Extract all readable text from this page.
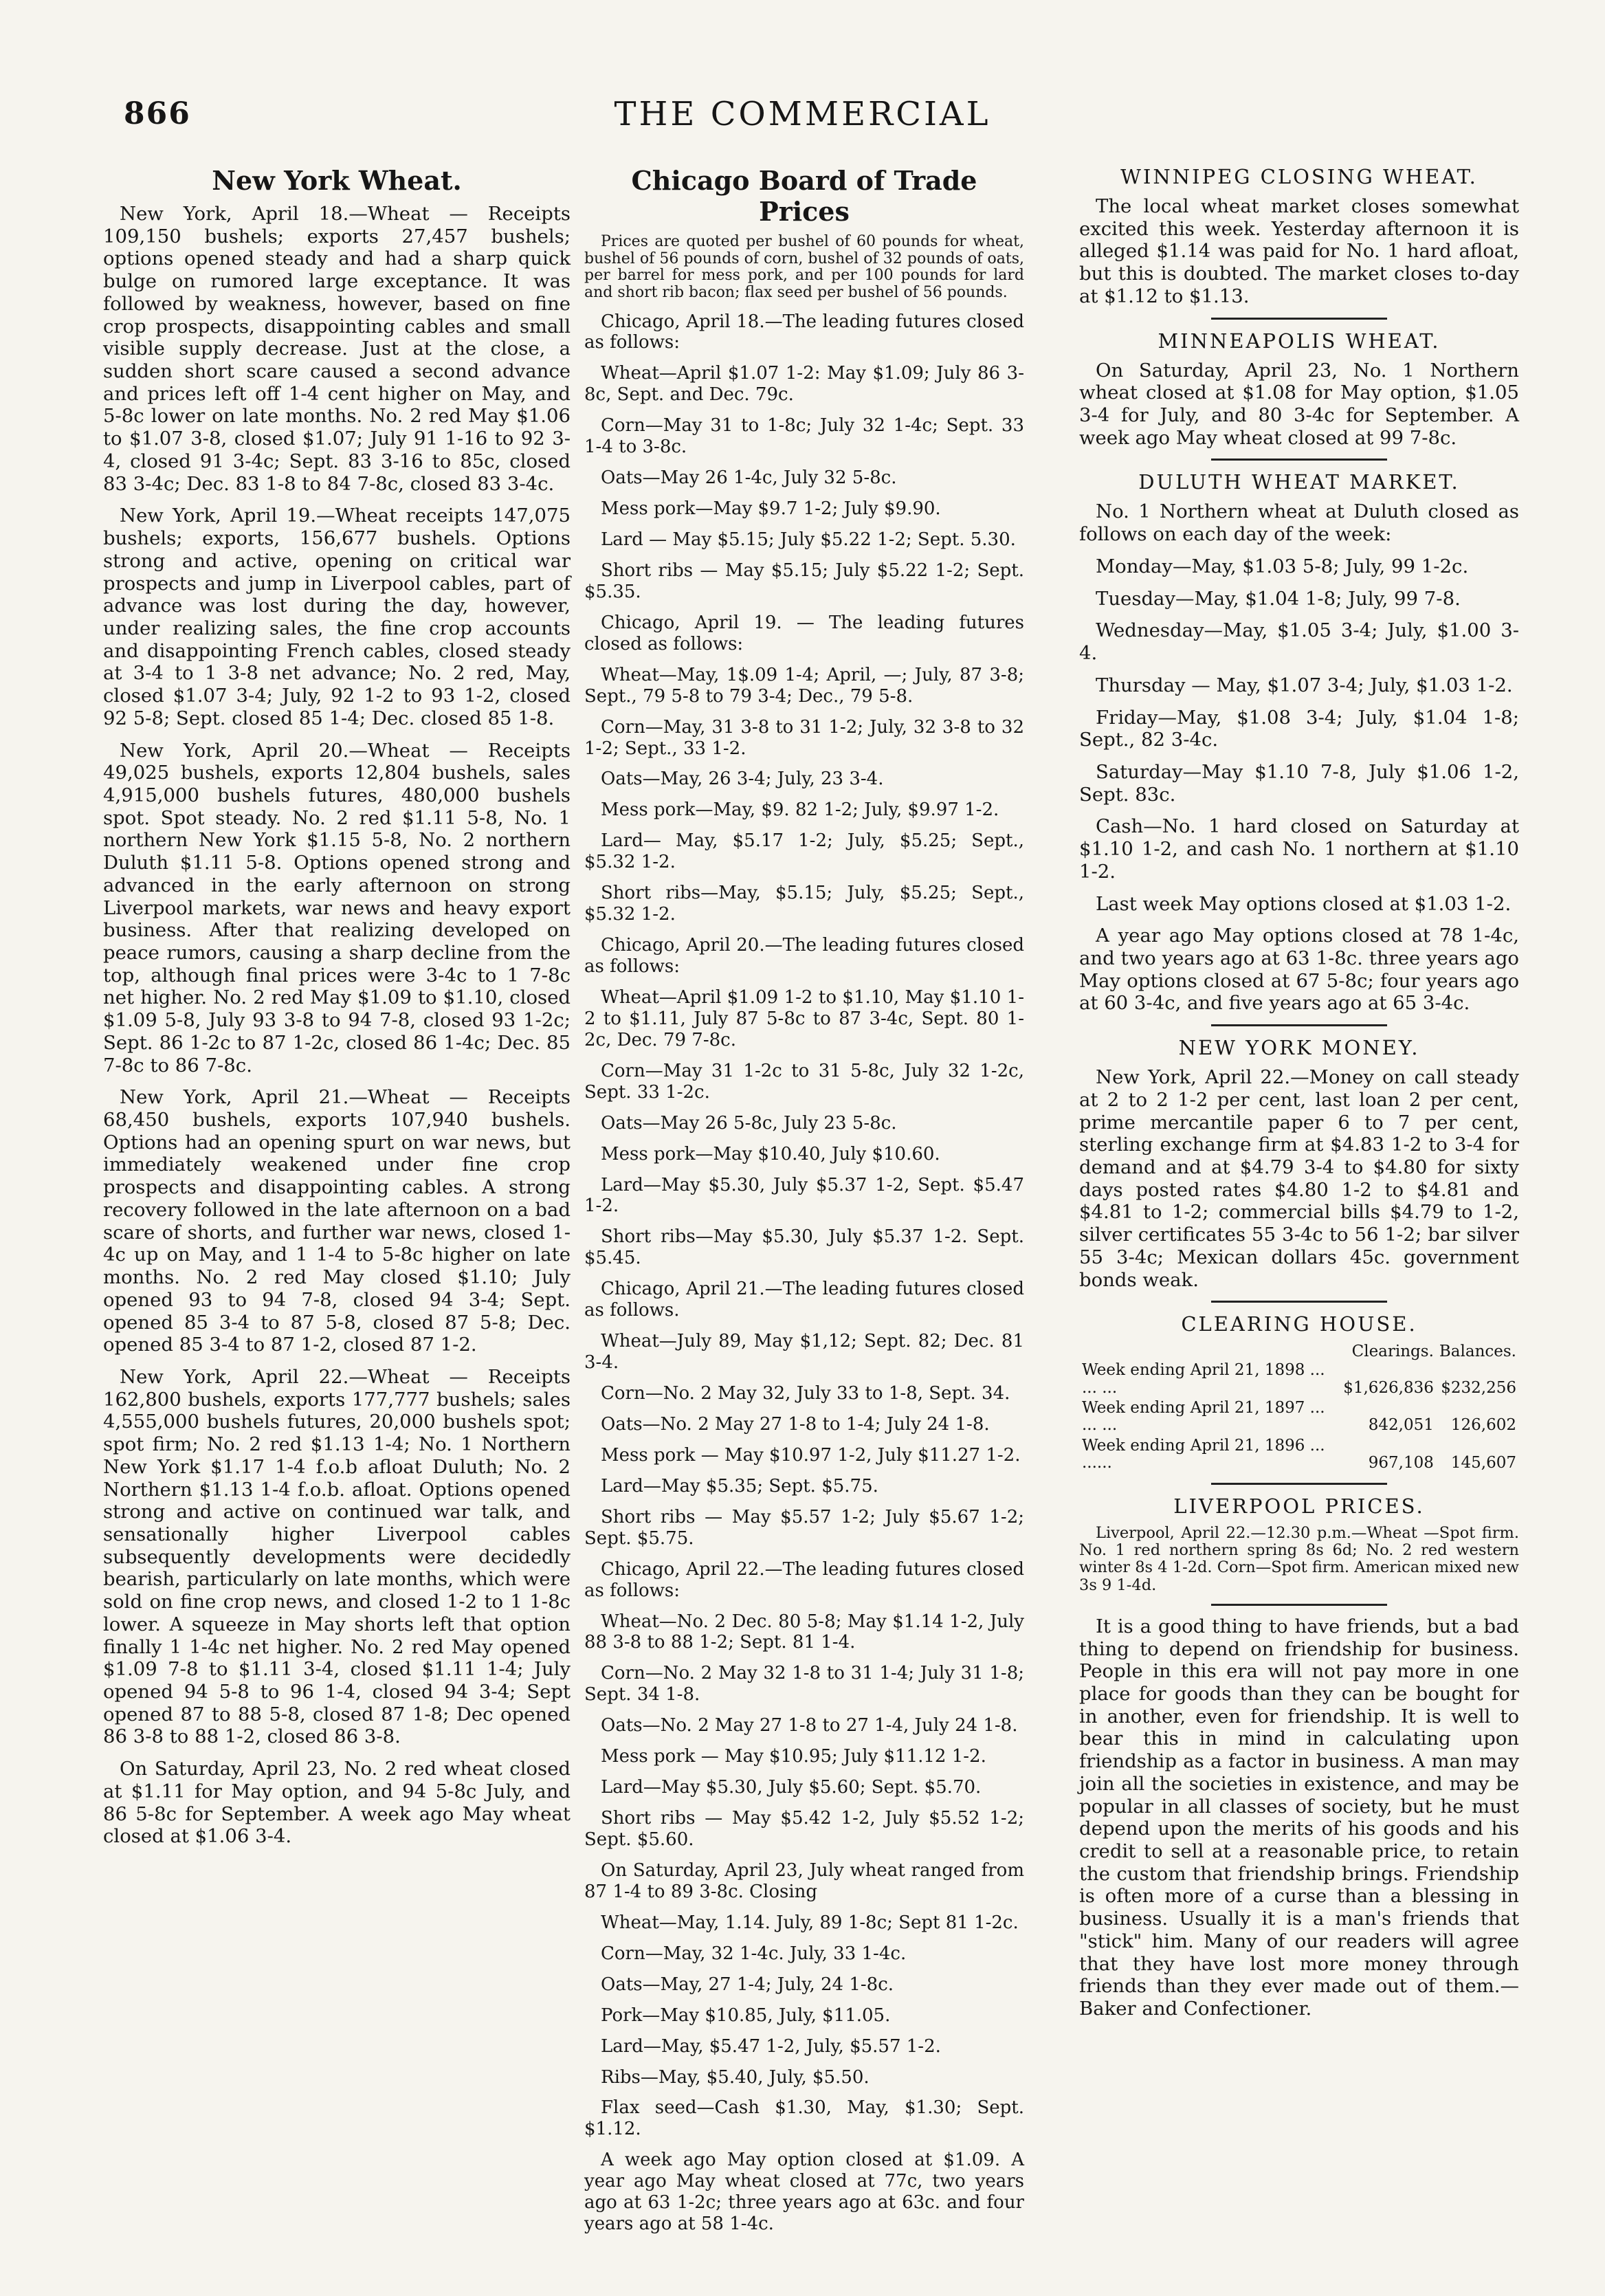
866	THE COMMERCIAL
New York Wheat.

New York, April 18.—Wheat — Receipts 109,150 bushels; exports 27,457 bushels; options opened steady and had a sharp quick bulge on rumored large exceptance. It was followed by weakness, however, based on fine crop prospects, disappointing cables and small visible supply decrease. Just at the close, a sudden short scare caused a second advance and prices left off 1-4 cent higher on May, and 5-8c lower on late months. No. 2 red May $1.06 to $1.07 3-8, closed $1.07; July 91 1-16 to 92 3-4, closed 91 3-4c; Sept. 83 3-16 to 85c, closed 83 3-4c; Dec. 83 1-8 to 84 7-8c, closed 83 3-4c.

New York, April 19.—Wheat receipts 147,075 bushels; exports, 156,677 bushels. Options strong and active, opening on critical war prospects and jump in Liverpool cables, part of advance was lost during the day, however, under realizing sales, the fine crop accounts and disappointing French cables, closed steady at 3-4 to 1 3-8 net advance; No. 2 red, May, closed $1.07 3-4; July, 92 1-2 to 93 1-2, closed 92 5-8; Sept. closed 85 1-4; Dec. closed 85 1-8.

New York, April 20.—Wheat — Receipts 49,025 bushels, exports 12,804 bushels, sales 4,915,000 bushels futures, 480,000 bushels spot. Spot steady. No. 2 red $1.11 5-8, No. 1 northern New York $1.15 5-8, No. 2 northern Duluth $1.11 5-8. Options opened strong and advanced in the early afternoon on strong Liverpool markets, war news and heavy export business. After that realizing developed on peace rumors, causing a sharp decline from the top, although final prices were 3-4c to 1 7-8c net higher. No. 2 red May $1.09 to $1.10, closed $1.09 5-8, July 93 3-8 to 94 7-8, closed 93 1-2c; Sept. 86 1-2c to 87 1-2c, closed 86 1-4c; Dec. 85 7-8c to 86 7-8c.

New York, April 21.—Wheat — Receipts 68,450 bushels, exports 107,940 bushels. Options had an opening spurt on war news, but immediately weakened under fine crop prospects and disappointing cables. A strong recovery followed in the late afternoon on a bad scare of shorts, and further war news, closed 1-4c up on May, and 1 1-4 to 5-8c higher on late months. No. 2 red May closed $1.10; July opened 93 to 94 7-8, closed 94 3-4; Sept. opened 85 3-4 to 87 5-8, closed 87 5-8; Dec. opened 85 3-4 to 87 1-2, closed 87 1-2.

New York, April 22.—Wheat — Receipts 162,800 bushels, exports 177,777 bushels; sales 4,555,000 bushels futures, 20,000 bushels spot; spot firm; No. 2 red $1.13 1-4; No. 1 Northern New York $1.17 1-4 f.o.b afloat Duluth; No. 2 Northern $1.13 1-4 f.o.b. afloat. Options opened strong and active on continued war talk, and sensationally higher Liverpool cables subsequently developments were decidedly bearish, particularly on late months, which were sold on fine crop news, and closed 1-2 to 1 1-8c lower. A squeeze in May shorts left that option finally 1 1-4c net higher. No. 2 red May opened $1.09 7-8 to $1.11 3-4, closed $1.11 1-4; July opened 94 5-8 to 96 1-4, closed 94 3-4; Sept opened 87 to 88 5-8, closed 87 1-8; Dec opened 86 3-8 to 88 1-2, closed 86 3-8.

On Saturday, April 23, No. 2 red wheat closed at $1.11 for May option, and 94 5-8c July, and 86 5-8c for September. A week ago May wheat closed at $1.06 3-4.

Chicago Board of Trade Prices

Prices are quoted per bushel of 60 pounds for wheat, bushel of 56 pounds of corn, bushel of 32 pounds of oats, per barrel for mess pork, and per 100 pounds for lard and short rib bacon; flax seed per bushel of 56 pounds.

Chicago, April 18.—The leading futures closed as follows:

Wheat—April $1.07 1-2: May $1.09; July 86 3-8c, Sept. and Dec. 79c.

Corn—May 31 to 1-8c; July 32 1-4c; Sept. 33 1-4 to 3-8c.

Oats—May 26 1-4c, July 32 5-8c.

Mess pork—May $9.7 1-2; July $9.90.

Lard — May $5.15; July $5.22 1-2; Sept. 5.30.

Short ribs — May $5.15; July $5.22 1-2; Sept. $5.35.

Chicago, April 19. — The leading futures closed as follows:

Wheat—May, 1$.09 1-4; April, —; July, 87 3-8; Sept., 79 5-8 to 79 3-4; Dec., 79 5-8.

Corn—May, 31 3-8 to 31 1-2; July, 32 3-8 to 32 1-2; Sept., 33 1-2.

Oats—May, 26 3-4; July, 23 3-4.

Mess pork—May, $9. 82 1-2; July, $9.97 1-2.

Lard— May, $5.17 1-2; July, $5.25; Sept., $5.32 1-2.

Short ribs—May, $5.15; July, $5.25; Sept., $5.32 1-2.

Chicago, April 20.—The leading futures closed as follows:

Wheat—April $1.09 1-2 to $1.10, May $1.10 1-2 to $1.11, July 87 5-8c to 87 3-4c, Sept. 80 1-2c, Dec. 79 7-8c.

Corn—May 31 1-2c to 31 5-8c, July 32 1-2c, Sept. 33 1-2c.

Oats—May 26 5-8c, July 23 5-8c.

Mess pork—May $10.40, July $10.60.

Lard—May $5.30, July $5.37 1-2, Sept. $5.47 1-2.

Short ribs—May $5.30, July $5.37 1-2. Sept. $5.45.

Chicago, April 21.—The leading futures closed as follows.

Wheat—July 89, May $1,12; Sept. 82; Dec. 81 3-4.

Corn—No. 2 May 32, July 33 to 1-8, Sept. 34.

Oats—No. 2 May 27 1-8 to 1-4; July 24 1-8.

Mess pork — May $10.97 1-2, July $11.27 1-2.

Lard—May $5.35; Sept. $5.75.

Short ribs — May $5.57 1-2; July $5.67 1-2; Sept. $5.75.

Chicago, April 22.—The leading futures closed as follows:

Wheat—No. 2 Dec. 80 5-8; May $1.14 1-2, July 88 3-8 to 88 1-2; Sept. 81 1-4.

Corn—No. 2 May 32 1-8 to 31 1-4; July 31 1-8; Sept. 34 1-8.

Oats—No. 2 May 27 1-8 to 27 1-4, July 24 1-8.

Mess pork — May $10.95; July $11.12 1-2.

Lard—May $5.30, July $5.60; Sept. $5.70.

Short ribs — May $5.42 1-2, July $5.52 1-2; Sept. $5.60.

On Saturday, April 23, July wheat ranged from 87 1-4 to 89 3-8c. Closing

Wheat—May, 1.14. July, 89 1-8c; Sept 81 1-2c.

Corn—May, 32 1-4c. July, 33 1-4c.

Oats—May, 27 1-4; July, 24 1-8c.

Pork—May $10.85, July, $11.05.

Lard—May, $5.47 1-2, July, $5.57 1-2.

Ribs—May, $5.40, July, $5.50.

Flax seed—Cash $1.30, May, $1.30; Sept. $1.12.

A week ago May option closed at $1.09. A year ago May wheat closed at 77c, two years ago at 63 1-2c; three years ago at 63c. and four years ago at 58 1-4c.

WINNIPEG CLOSING WHEAT.

The local wheat market closes somewhat excited this week. Yesterday afternoon it is alleged $1.14 was paid for No. 1 hard afloat, but this is doubted. The market closes to-day at $1.12 to $1.13.

MINNEAPOLIS WHEAT.

On Saturday, April 23, No. 1 Northern wheat closed at $1.08 for May option, $1.05 3-4 for July, and 80 3-4c for September. A week ago May wheat closed at 99 7-8c.

DULUTH WHEAT MARKET.

No. 1 Northern wheat at Duluth closed as follows on each day of the week:

Monday—May, $1.03 5-8; July, 99 1-2c.

Tuesday—May, $1.04 1-8; July, 99 7-8.

Wednesday—May, $1.05 3-4; July, $1.00 3-4.

Thursday — May, $1.07 3-4; July, $1.03 1-2.

Friday—May, $1.08 3-4; July, $1.04 1-8; Sept., 82 3-4c.

Saturday—May $1.10 7-8, July $1.06 1-2, Sept. 83c.

Cash—No. 1 hard closed on Saturday at $1.10 1-2, and cash No. 1 northern at $1.10 1-2.

Last week May options closed at $1.03 1-2.

A year ago May options closed at 78 1-4c, and two years ago at 63 1-8c. three years ago May options closed at 67 5-8c; four years ago at 60 3-4c, and five years ago at 65 3-4c.

NEW YORK MONEY.

New York, April 22.—Money on call steady at 2 to 2 1-2 per cent, last loan 2 per cent, prime mercantile paper 6 to 7 per cent, sterling exchange firm at $4.83 1-2 to 3-4 for demand and at $4.79 3-4 to $4.80 for sixty days posted rates $4.80 1-2 to $4.81 and $4.81 to 1-2; commercial bills $4.79 to 1-2, silver certificates 55 3-4c to 56 1-2; bar silver 55 3-4c; Mexican dollars 45c. government bonds weak.

CLEARING HOUSE.
	Clearings.	Balances.
Week ending April 21, 1898 ... ... ...	$1,626,836	$232,256
Week ending April 21, 1897 ... ... ...	842,051	126,602
Week ending April 21, 1896 ... ......	967,108	145,607
LIVERPOOL PRICES.

Liverpool, April 22.—12.30 p.m.—Wheat —Spot firm. No. 1 red northern spring 8s 6d; No. 2 red western winter 8s 4 1-2d. Corn—Spot firm. American mixed new 3s 9 1-4d.

It is a good thing to have friends, but a bad thing to depend on friendship for business. People in this era will not pay more in one place for goods than they can be bought for in another, even for friendship. It is well to bear this in mind in calculating upon friendship as a factor in business. A man may join all the societies in existence, and may be popular in all classes of society, but he must depend upon the merits of his goods and his credit to sell at a reasonable price, to retain the custom that friendship brings. Friendship is often more of a curse than a blessing in business. Usually it is a man's friends that "stick" him. Many of our readers will agree that they have lost more money through friends than they ever made out of them.—Baker and Confectioner.
